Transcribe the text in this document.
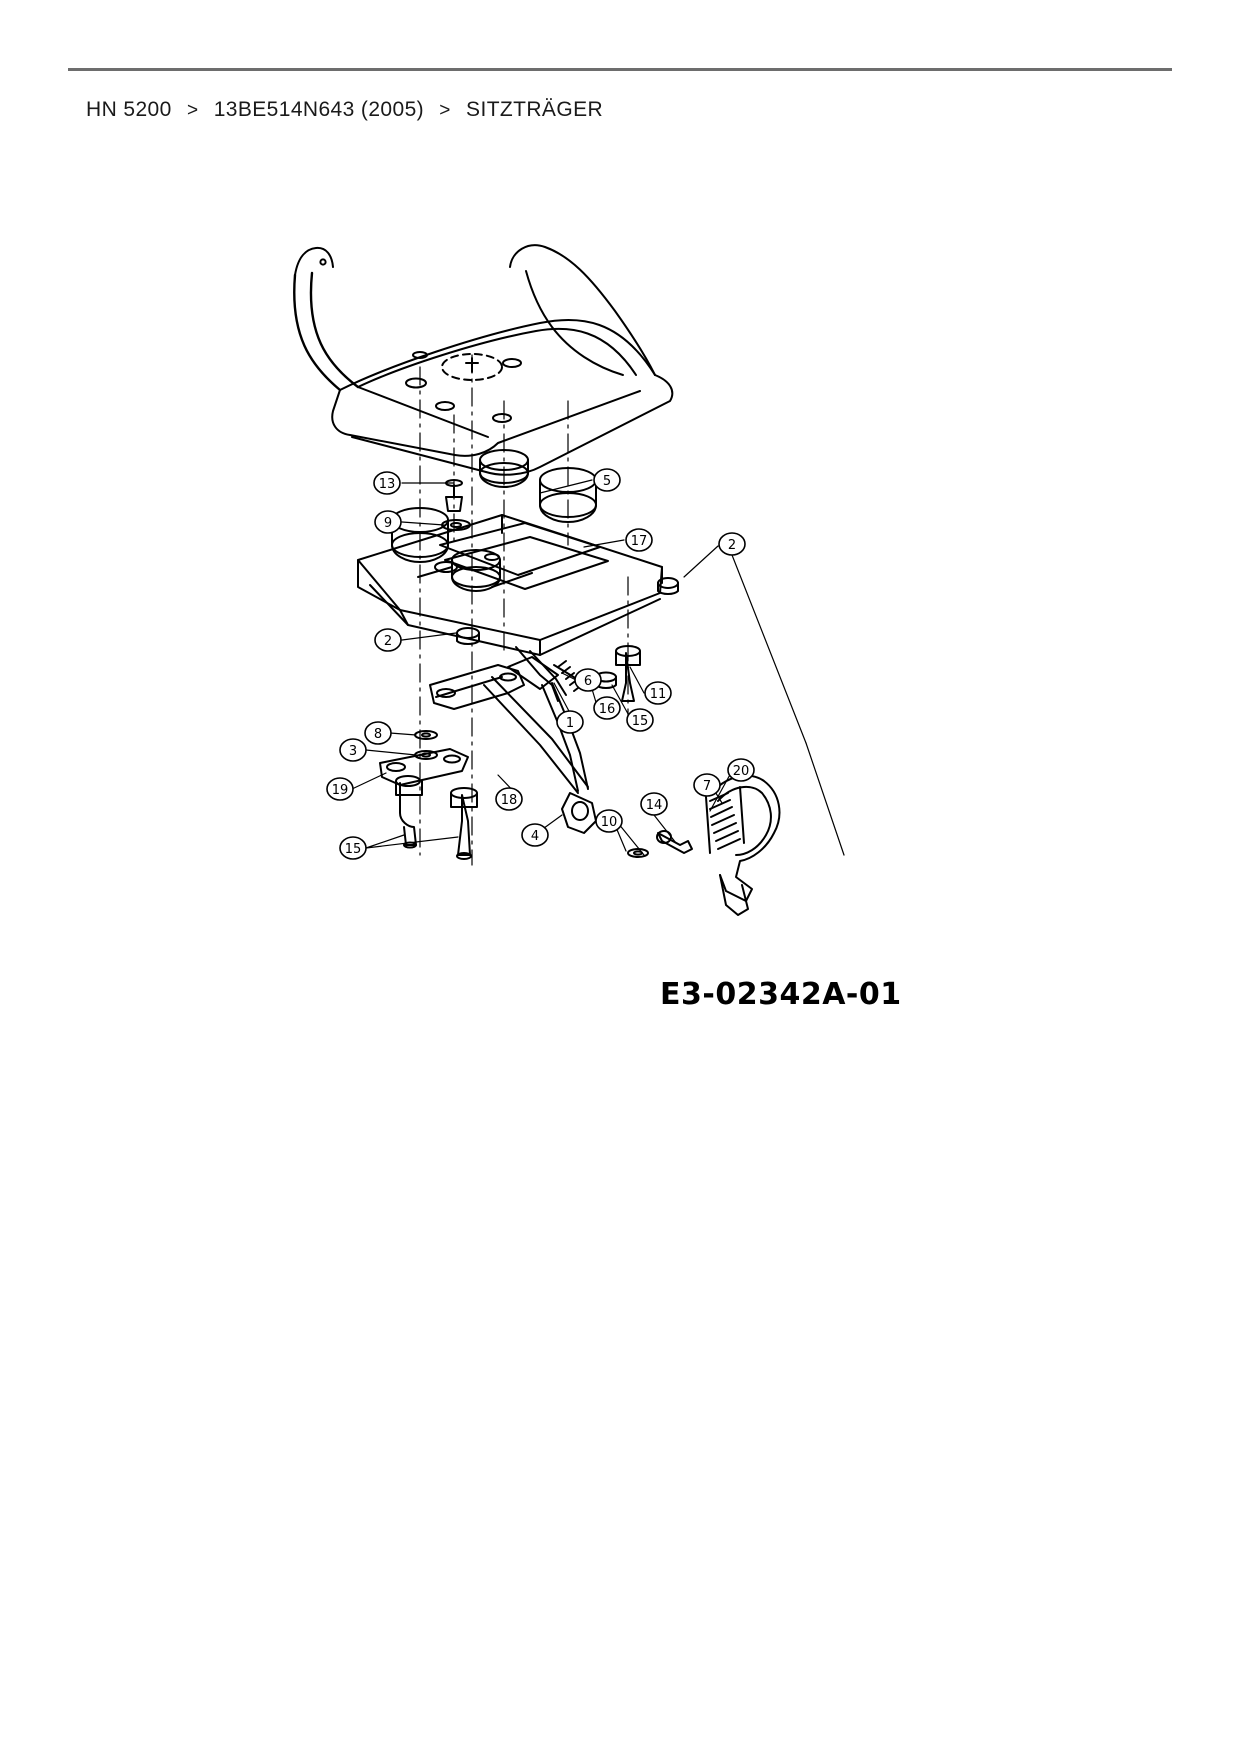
HN 5200 > 13BE514N643 (2005) > SITZTRÄGER
13	5
9
17	2
2
6
11
16
15
1
8
3
19
20
7
18	14
10
4
15
E3-02342A-01
